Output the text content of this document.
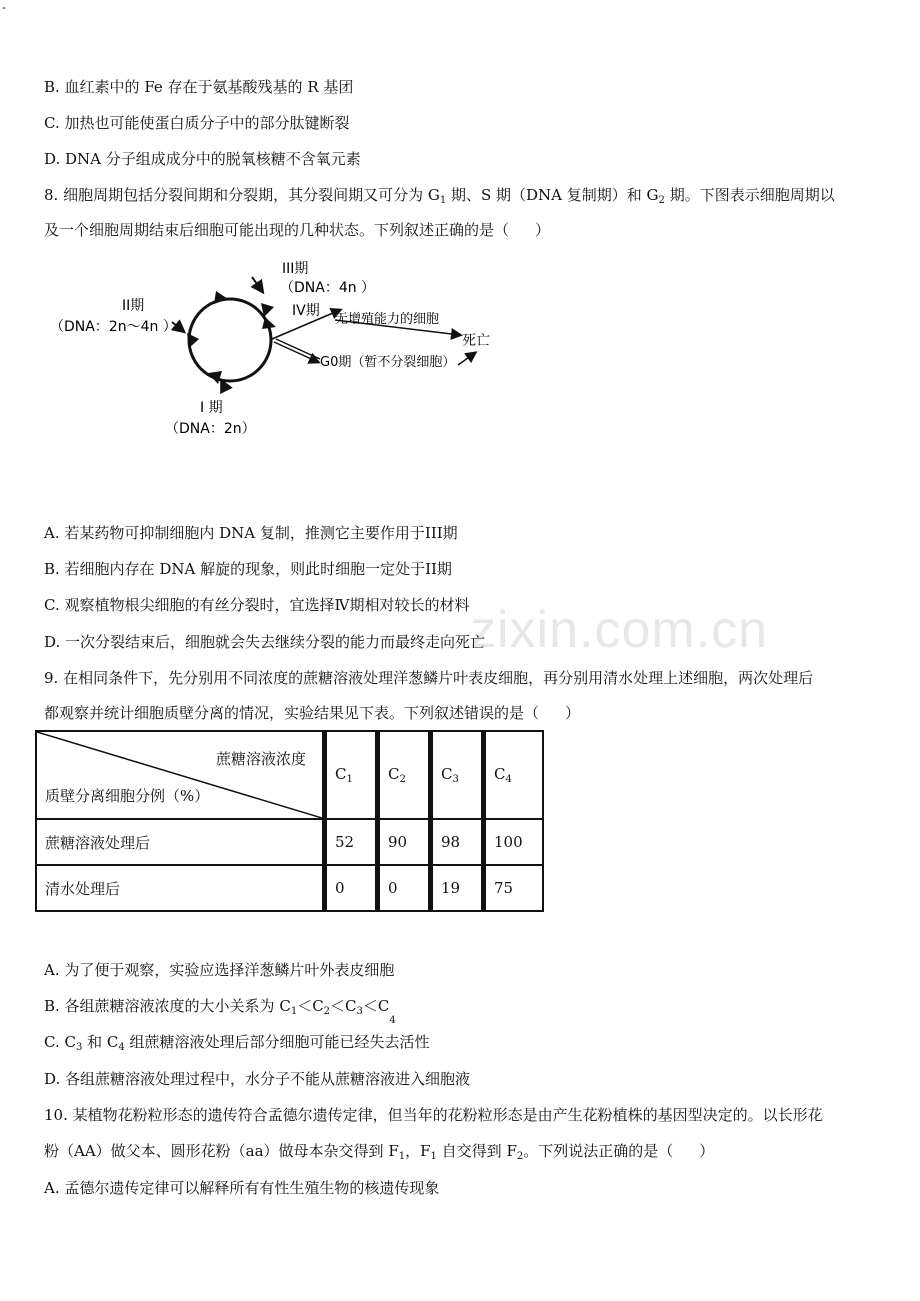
-
zixin.com.cn
B. 血红素中的 Fe 存在于氨基酸残基的 R 基团
C. 加热也可能使蛋白质分子中的部分肽键断裂
D. DNA 分子组成成分中的脱氧核糖不含氧元素
8. 细胞周期包括分裂间期和分裂期，其分裂间期又可分为 $G_1$ 期、S 期（DNA 复制期）和 $G_2$ 期。下图表示细胞周期以
及一个细胞周期结束后细胞可能出现的几种状态。下列叙述正确的是（ ）
III期
（DNA：4n ）
IV期
无增殖能力的细胞
死亡
G0期（暂不分裂细胞）
II期
（DNA：2n～4n ）
I 期
（DNA：2n）
A. 若某药物可抑制细胞内 DNA 复制，推测它主要作用于III期
B. 若细胞内存在 DNA 解旋的现象，则此时细胞一定处于II期
C. 观察植物根尖细胞的有丝分裂时，宜选择Ⅳ期相对较长的材料
D. 一次分裂结束后，细胞就会失去继续分裂的能力而最终走向死亡
9. 在相同条件下，先分别用不同浓度的蔗糖溶液处理洋葱鳞片叶表皮细胞，再分别用清水处理上述细胞，两次处理后
都观察并统计细胞质壁分离的情况，实验结果见下表。下列叙述错误的是（ ）
蔗糖溶液浓度
质壁分离细胞分例（%）	$C_1$	$C_2$	$C_3$	$C_4$
蔗糖溶液处理后	52	90	98	100
清水处理后	0	0	19	75
A. 为了便于观察，实验应选择洋葱鳞片叶外表皮细胞
B. 各组蔗糖溶液浓度的大小关系为 $C_1<C_2<C_3<C_4$
C. $C_3$ 和 $C_4$ 组蔗糖溶液处理后部分细胞可能已经失去活性
D. 各组蔗糖溶液处理过程中，水分子不能从蔗糖溶液进入细胞液
10. 某植物花粉粒形态的遗传符合孟德尔遗传定律，但当年的花粉粒形态是由产生花粉植株的基因型决定的。以长形花
粉（AA）做父本、圆形花粉（aa）做母本杂交得到 $F_1$，$F_1$ 自交得到 $F_2$。下列说法正确的是（ ）
A. 孟德尔遗传定律可以解释所有有性生殖生物的核遗传现象
